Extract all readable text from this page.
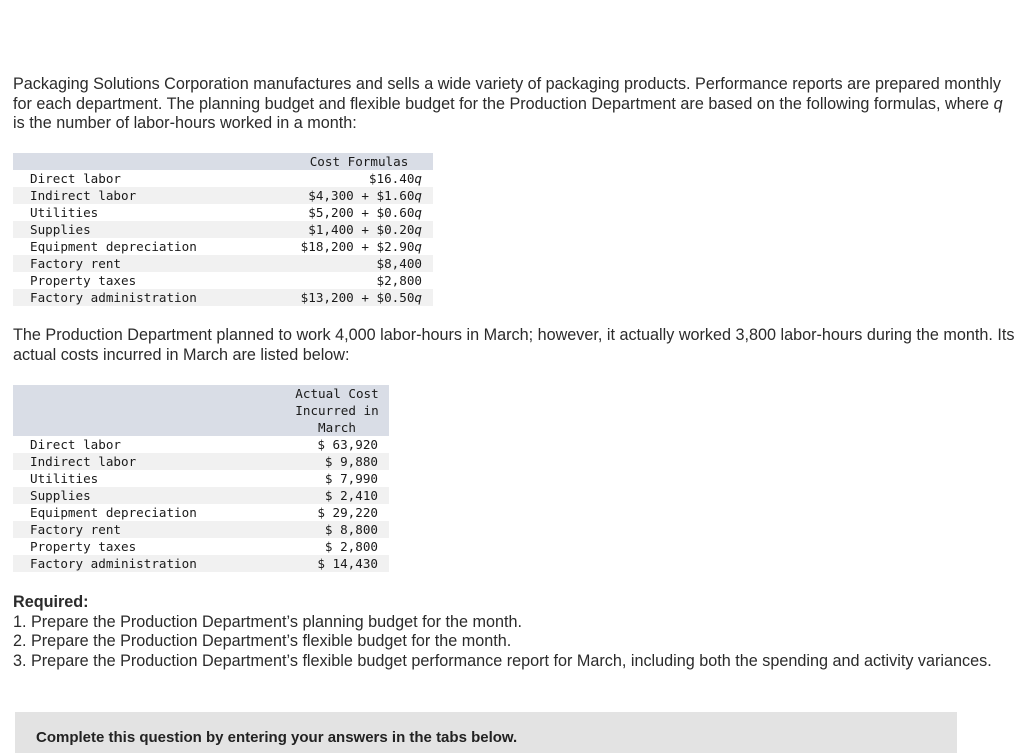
Packaging Solutions Corporation manufactures and sells a wide variety of packaging products. Performance reports are prepared monthly for each department. The planning budget and flexible budget for the Production Department are based on the following formulas, where q is the number of labor-hours worked in a month:

	Cost Formulas
Direct labor	$16.40q
Indirect labor	$4,300 + $1.60q
Utilities	$5,200 + $0.60q
Supplies	$1,400 + $0.20q
Equipment depreciation	$18,200 + $2.90q
Factory rent	$8,400
Property taxes	$2,800
Factory administration	$13,200 + $0.50q

The Production Department planned to work 4,000 labor-hours in March; however, it actually worked 3,800 labor-hours during the month. Its actual costs incurred in March are listed below:

	Actual Cost
Incurred in
March

Direct labor	$ 63,920
Indirect labor	$ 9,880
Utilities	$ 7,990
Supplies	$ 2,410
Equipment depreciation	$ 29,220
Factory rent	$ 8,800
Property taxes	$ 2,800
Factory administration	$ 14,430
Required:
1. Prepare the Production Department’s planning budget for the month.
2. Prepare the Production Department’s flexible budget for the month.
3. Prepare the Production Department’s flexible budget performance report for March, including both the spending and activity variances.
Complete this question by entering your answers in the tabs below.
